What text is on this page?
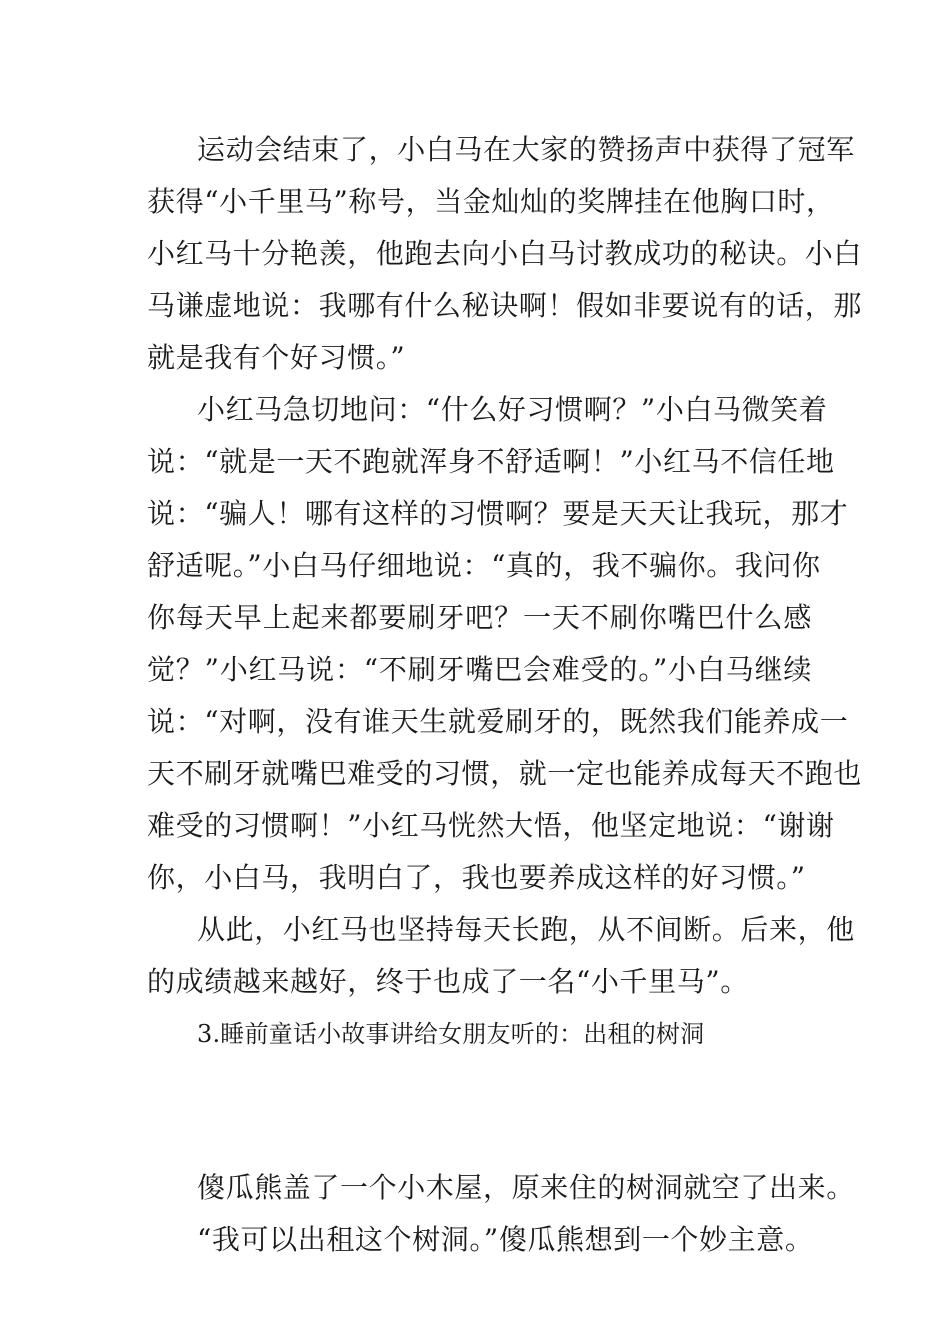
运动会结束了，小白马在大家的赞扬声中获得了冠军
获得“小千里马”称号，当金灿灿的奖牌挂在他胸口时，
小红马十分艳羡，他跑去向小白马讨教成功的秘诀。小白
马谦虚地说：我哪有什么秘诀啊！假如非要说有的话，那
就是我有个好习惯。”
小红马急切地问：“什么好习惯啊？”小白马微笑着
说：“就是一天不跑就浑身不舒适啊！”小红马不信任地
说：“骗人！哪有这样的习惯啊？要是天天让我玩，那才
舒适呢。”小白马仔细地说：“真的，我不骗你。我问你
你每天早上起来都要刷牙吧？一天不刷你嘴巴什么感
觉？”小红马说：“不刷牙嘴巴会难受的。”小白马继续
说：“对啊，没有谁天生就爱刷牙的，既然我们能养成一
天不刷牙就嘴巴难受的习惯，就一定也能养成每天不跑也
难受的习惯啊！”小红马恍然大悟，他坚定地说：“谢谢
你，小白马，我明白了，我也要养成这样的好习惯。”
从此，小红马也坚持每天长跑，从不间断。后来，他
的成绩越来越好，终于也成了一名“小千里马”。
3.睡前童话小故事讲给女朋友听的：出租的树洞
傻瓜熊盖了一个小木屋，原来住的树洞就空了出来。
“我可以出租这个树洞。”傻瓜熊想到一个妙主意。
